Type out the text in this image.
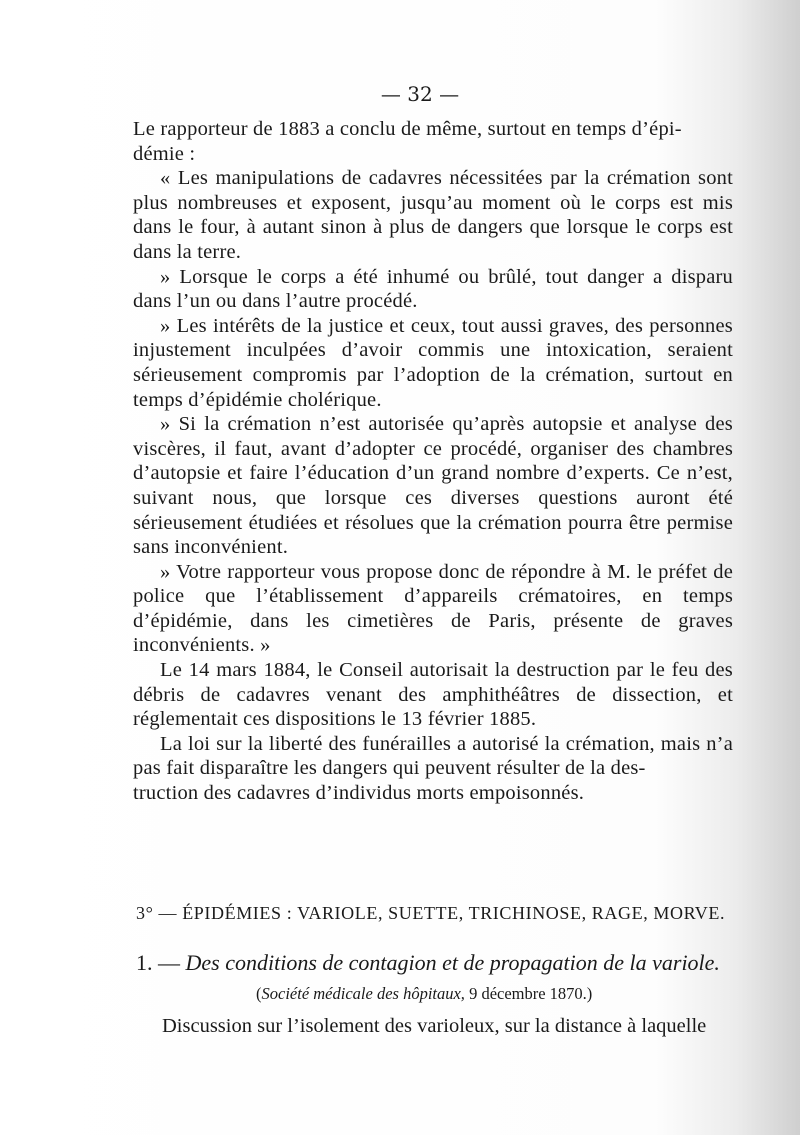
— 32 —

Le rapporteur de 1883 a conclu de même, surtout en temps d’épi-
démie :

« Les manipulations de cadavres nécessitées par la crémation sont plus nombreuses et exposent, jusqu’au moment où le corps est mis dans le four, à autant sinon à plus de dangers que lorsque le corps est dans la terre.

» Lorsque le corps a été inhumé ou brûlé, tout danger a disparu dans l’un ou dans l’autre procédé.

» Les intérêts de la justice et ceux, tout aussi graves, des personnes injustement inculpées d’avoir commis une intoxication, seraient sérieusement compromis par l’adoption de la crémation, surtout en temps d’épidémie cholérique.

» Si la crémation n’est autorisée qu’après autopsie et analyse des viscères, il faut, avant d’adopter ce procédé, organiser des chambres d’autopsie et faire l’éducation d’un grand nombre d’experts. Ce n’est, suivant nous, que lorsque ces diverses questions auront été sérieusement étudiées et résolues que la crémation pourra être permise sans inconvénient.

» Votre rapporteur vous propose donc de répondre à M. le préfet de police que l’établissement d’appareils crématoires, en temps d’épidémie, dans les cimetières de Paris, présente de graves inconvénients. »

Le 14 mars 1884, le Conseil autorisait la destruction par le feu des débris de cadavres venant des amphithéâtres de dissection, et réglementait ces dispositions le 13 février 1885.

La loi sur la liberté des funérailles a autorisé la crémation, mais n’a pas fait disparaître les dangers qui peuvent résulter de la des-
truction des cadavres d’individus morts empoisonnés.

3° — ÉPIDÉMIES : VARIOLE, SUETTE, TRICHINOSE, RAGE, MORVE.
1. — Des conditions de contagion et de propagation de la variole.
(Société médicale des hôpitaux, 9 décembre 1870.)
Discussion sur l’isolement des varioleux, sur la distance à laquelle
